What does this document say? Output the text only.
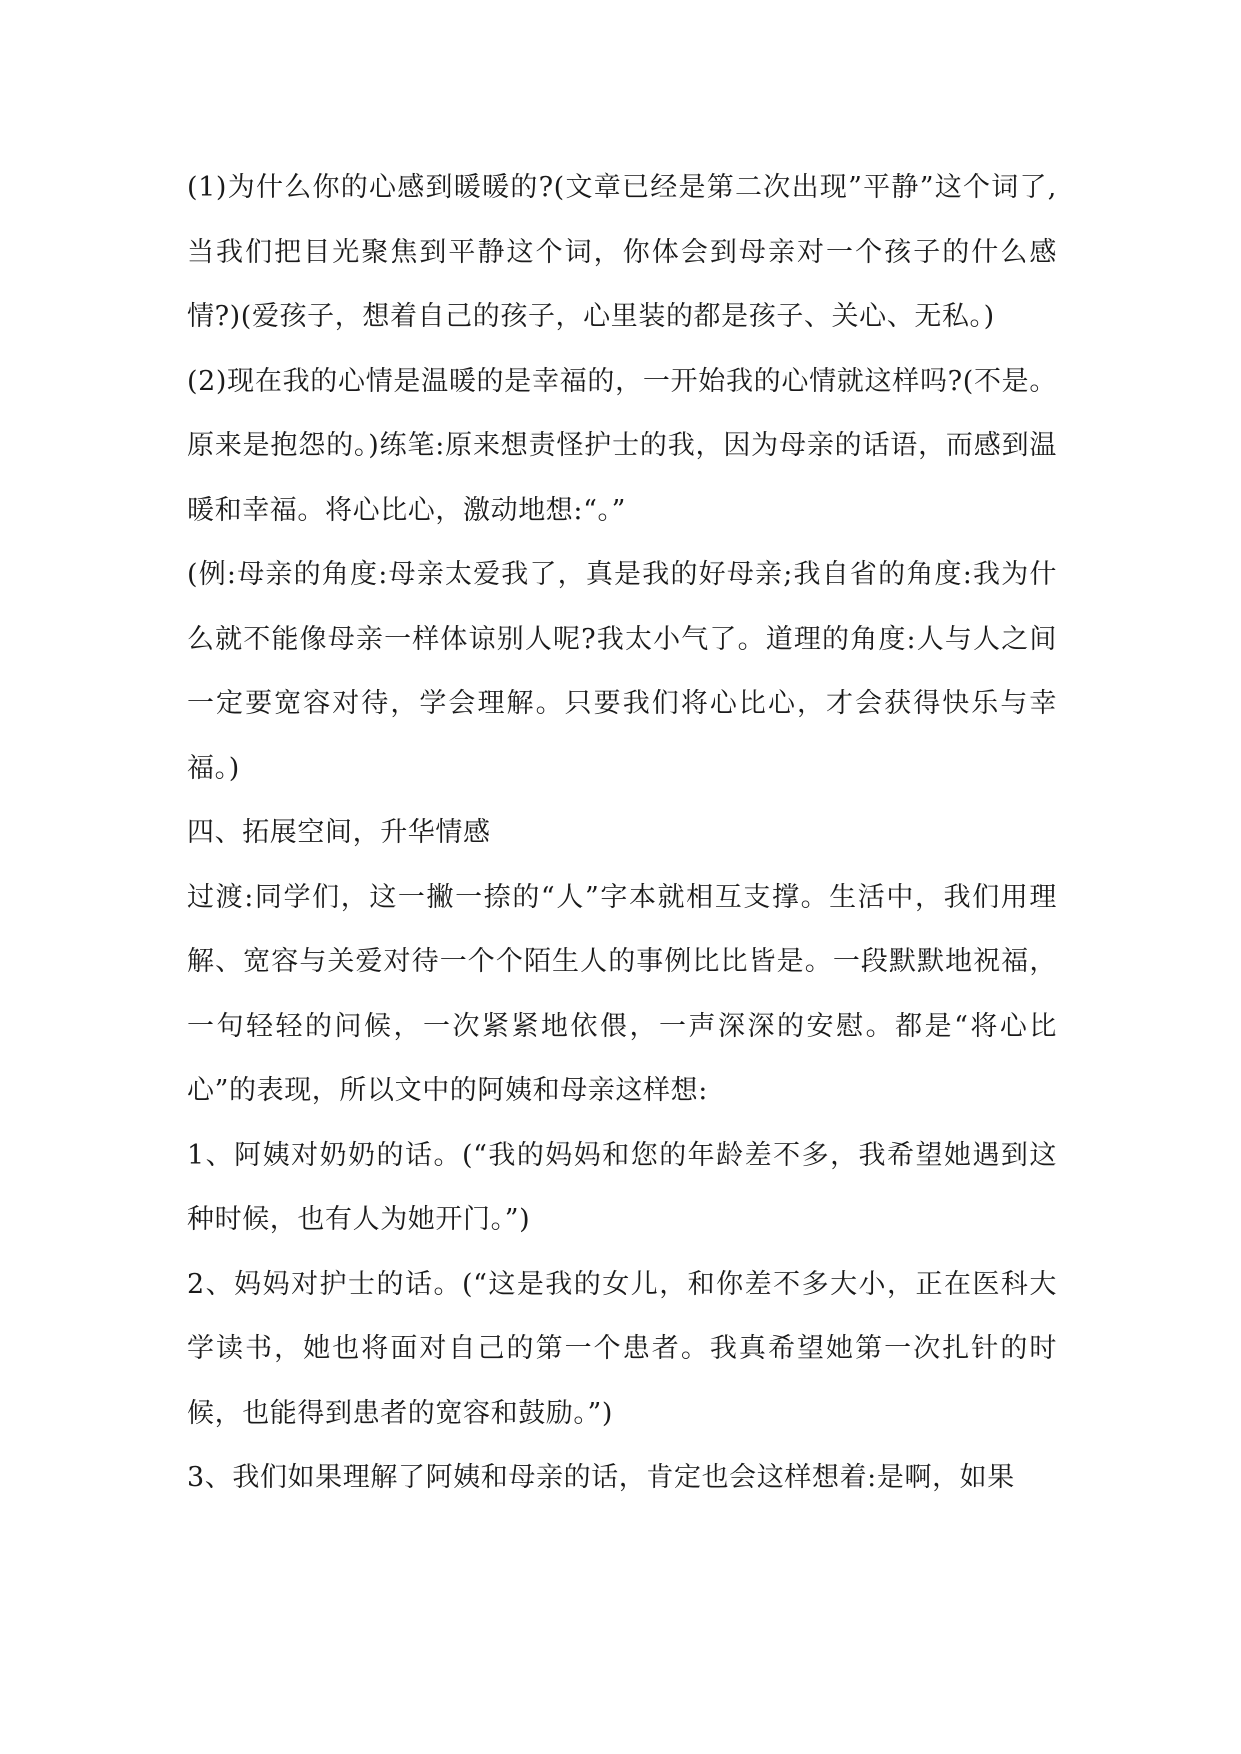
(1)为什么你的心感到暖暖的?(文章已经是第二次出现”平静”这个词了,当我们把目光聚焦到平静这个词，你体会到母亲对一个孩子的什么感情?)(爱孩子，想着自己的孩子，心里装的都是孩子、关心、无私。)

(2)现在我的心情是温暖的是幸福的，一开始我的心情就这样吗?(不是。原来是抱怨的。)练笔:原来想责怪护士的我，因为母亲的话语，而感到温暖和幸福。将心比心，激动地想:“。”

(例:母亲的角度:母亲太爱我了，真是我的好母亲;我自省的角度:我为什么就不能像母亲一样体谅别人呢?我太小气了。道理的角度:人与人之间一定要宽容对待，学会理解。只要我们将心比心，才会获得快乐与幸福。)

四、拓展空间，升华情感

过渡:同学们，这一撇一捺的“人”字本就相互支撑。生活中，我们用理解、宽容与关爱对待一个个陌生人的事例比比皆是。一段默默地祝福，一句轻轻的问候，一次紧紧地依偎，一声深深的安慰。都是“将心比心”的表现，所以文中的阿姨和母亲这样想:

1、阿姨对奶奶的话。(“我的妈妈和您的年龄差不多，我希望她遇到这种时候，也有人为她开门。”)

2、妈妈对护士的话。(“这是我的女儿，和你差不多大小，正在医科大学读书，她也将面对自己的第一个患者。我真希望她第一次扎针的时候，也能得到患者的宽容和鼓励。”)

3、我们如果理解了阿姨和母亲的话，肯定也会这样想着:是啊，如果
